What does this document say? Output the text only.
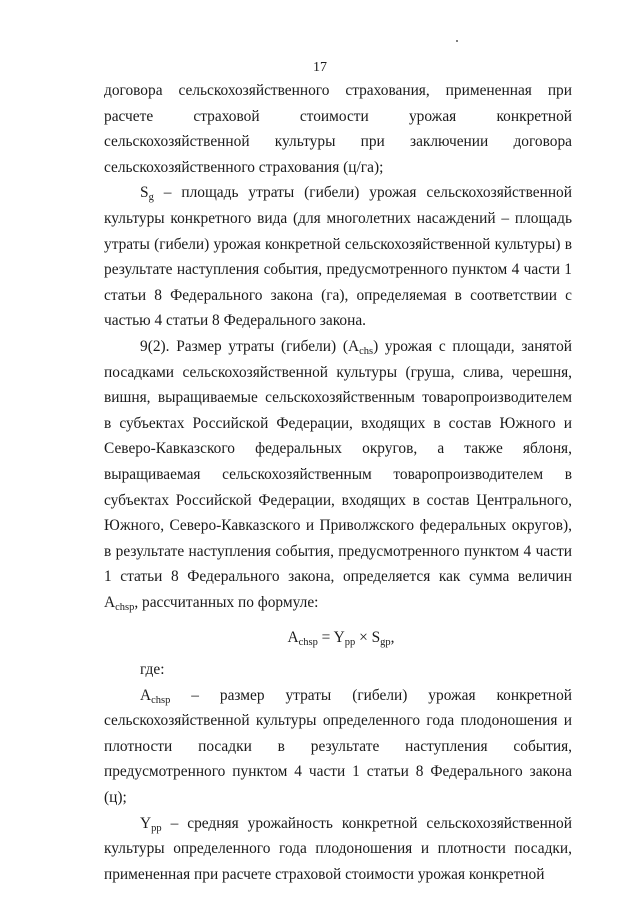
17

договора сельскохозяйственного страхования, примененная при расчете страховой стоимости урожая конкретной сельскохозяйственной культуры при заключении договора сельскохозяйственного страхования (ц/га);

$S_g$ – площадь утраты (гибели) урожая сельскохозяйственной культуры конкретного вида (для многолетних насаждений – площадь утраты (гибели) урожая конкретной сельскохозяйственной культуры) в результате наступления события, предусмотренного пунктом 4 части 1 статьи 8 Федерального закона (га), определяемая в соответствии с частью 4 статьи 8 Федерального закона.

9(2). Размер утраты (гибели) $(A_{chs})$ урожая с площади, занятой посадками сельскохозяйственной культуры (груша, слива, черешня, вишня, выращиваемые сельскохозяйственным товаропроизводителем в субъектах Российской Федерации, входящих в состав Южного и Северо-Кавказского федеральных округов, а также яблоня, выращиваемая сельскохозяйственным товаропроизводителем в субъектах Российской Федерации, входящих в состав Центрального, Южного, Северо-Кавказского и Приволжского федеральных округов), в результате наступления события, предусмотренного пунктом 4 части 1 статьи 8 Федерального закона, определяется как сумма величин $A_{chsp}$, рассчитанных по формуле:

$A_{chsp} = Y_{pp} \times S_{gp}$,

где:

$A_{chsp}$ – размер утраты (гибели) урожая конкретной сельскохозяйственной культуры определенного года плодоношения и плотности посадки в результате наступления события, предусмотренного пунктом 4 части 1 статьи 8 Федерального закона (ц);

$Y_{pp}$ – средняя урожайность конкретной сельскохозяйственной культуры определенного года плодоношения и плотности посадки, примененная при расчете страховой стоимости урожая конкретной
